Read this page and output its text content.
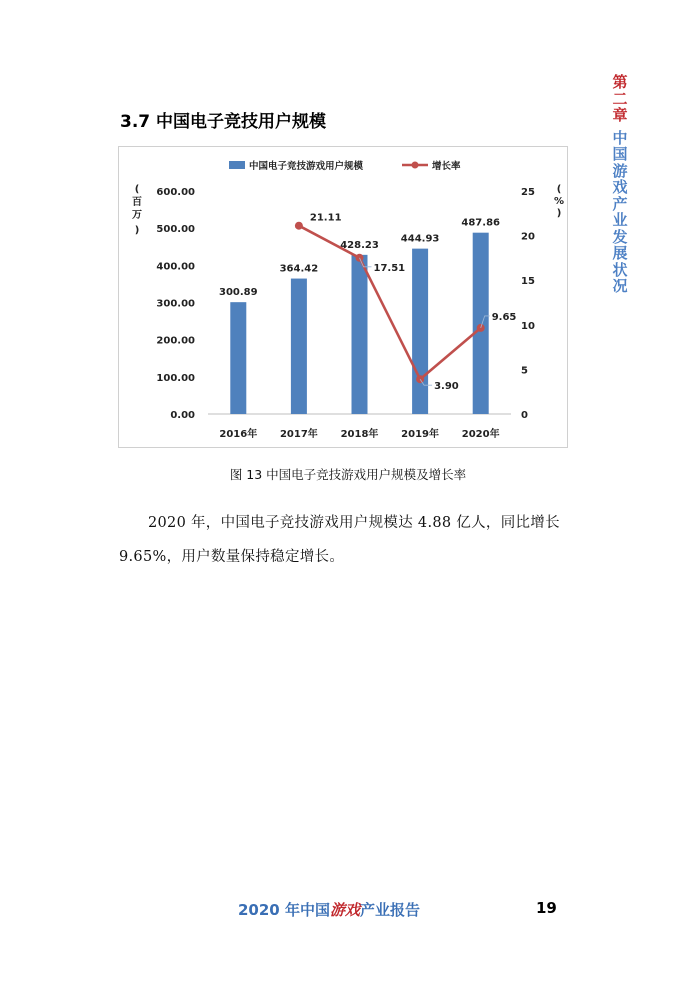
第
二
章
中
国
游
戏
产
业
发
展
状
况
3.7 中国电子竞技用户规模
中国电子竞技游戏用户规模	增长率
(
百
万
)
(
%
)
0.00
100.00
200.00
300.00
400.00
500.00
600.00
0
5
10
15
20
25
300.89
364.42
428.23
444.93
487.86
2016年 2017年 2018年 2019年 2020年
21.11
17.51
3.90
9.65
图 13 中国电子竞技游戏用户规模及增长率

2020 年，中国电子竞技游戏用户规模达 4.88 亿人，同比增长 9.65%，用户数量保持稳定增长。

2020 年中国游戏产业报告	19
